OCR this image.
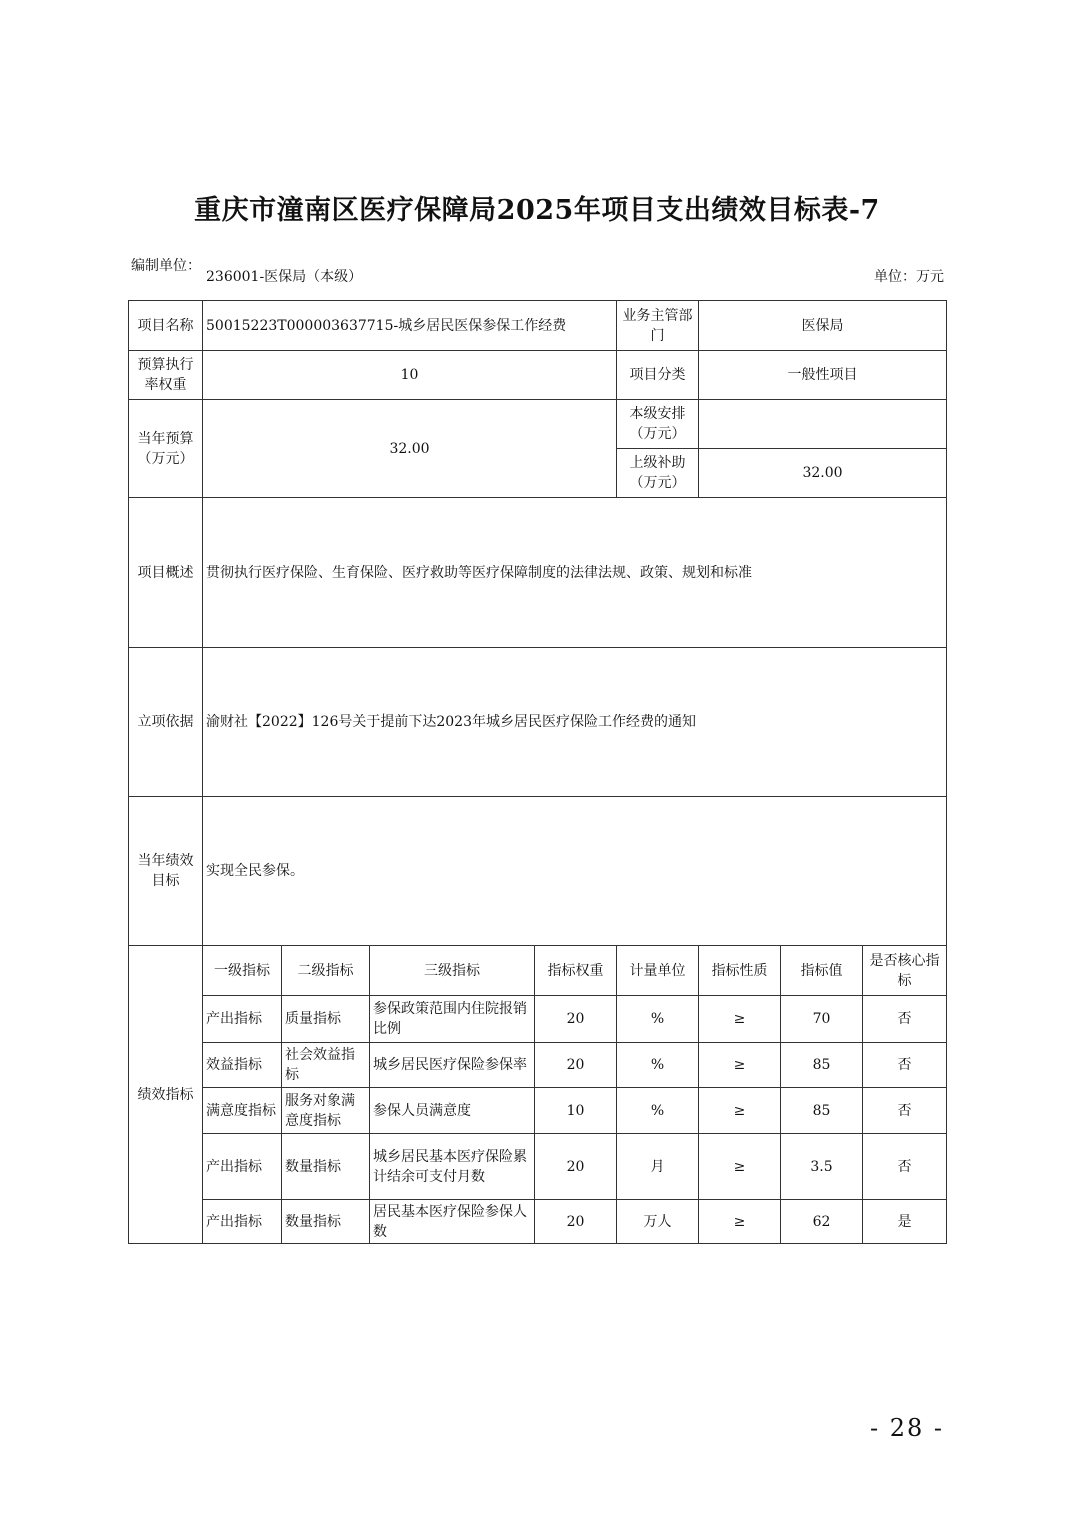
重庆市潼南区医疗保障局2025年项目支出绩效目标表-7
编制单位：
236001-医保局（本级）	单位：万元
项目名称	50015223T000003637715-城乡居民医保参保工作经费				业务主管部门	医保局		
预算执行率权重	10				项目分类	一般性项目		
当年预算（万元）	32.00				本级安排（万元）			
					上级补助（万元）	32.00		
项目概述	贯彻执行医疗保险、生育保险、医疗救助等医疗保障制度的法律法规、政策、规划和标准							
立项依据	渝财社【2022】126号关于提前下达2023年城乡居民医疗保险工作经费的通知							
当年绩效目标	实现全民参保。							
绩效指标	一级指标	二级指标	三级指标	指标权重	计量单位	指标性质	指标值	是否核心指标
	产出指标	质量指标	参保政策范围内住院报销比例	20	%	≥	70	否
	效益指标	社会效益指标	城乡居民医疗保险参保率	20	%	≥	85	否
	满意度指标	服务对象满意度指标	参保人员满意度	10	%	≥	85	否
	产出指标	数量指标	城乡居民基本医疗保险累计结余可支付月数	20	月	≥	3.5	否
	产出指标	数量指标	居民基本医疗保险参保人数	20	万人	≥	62	是
- 28 -
